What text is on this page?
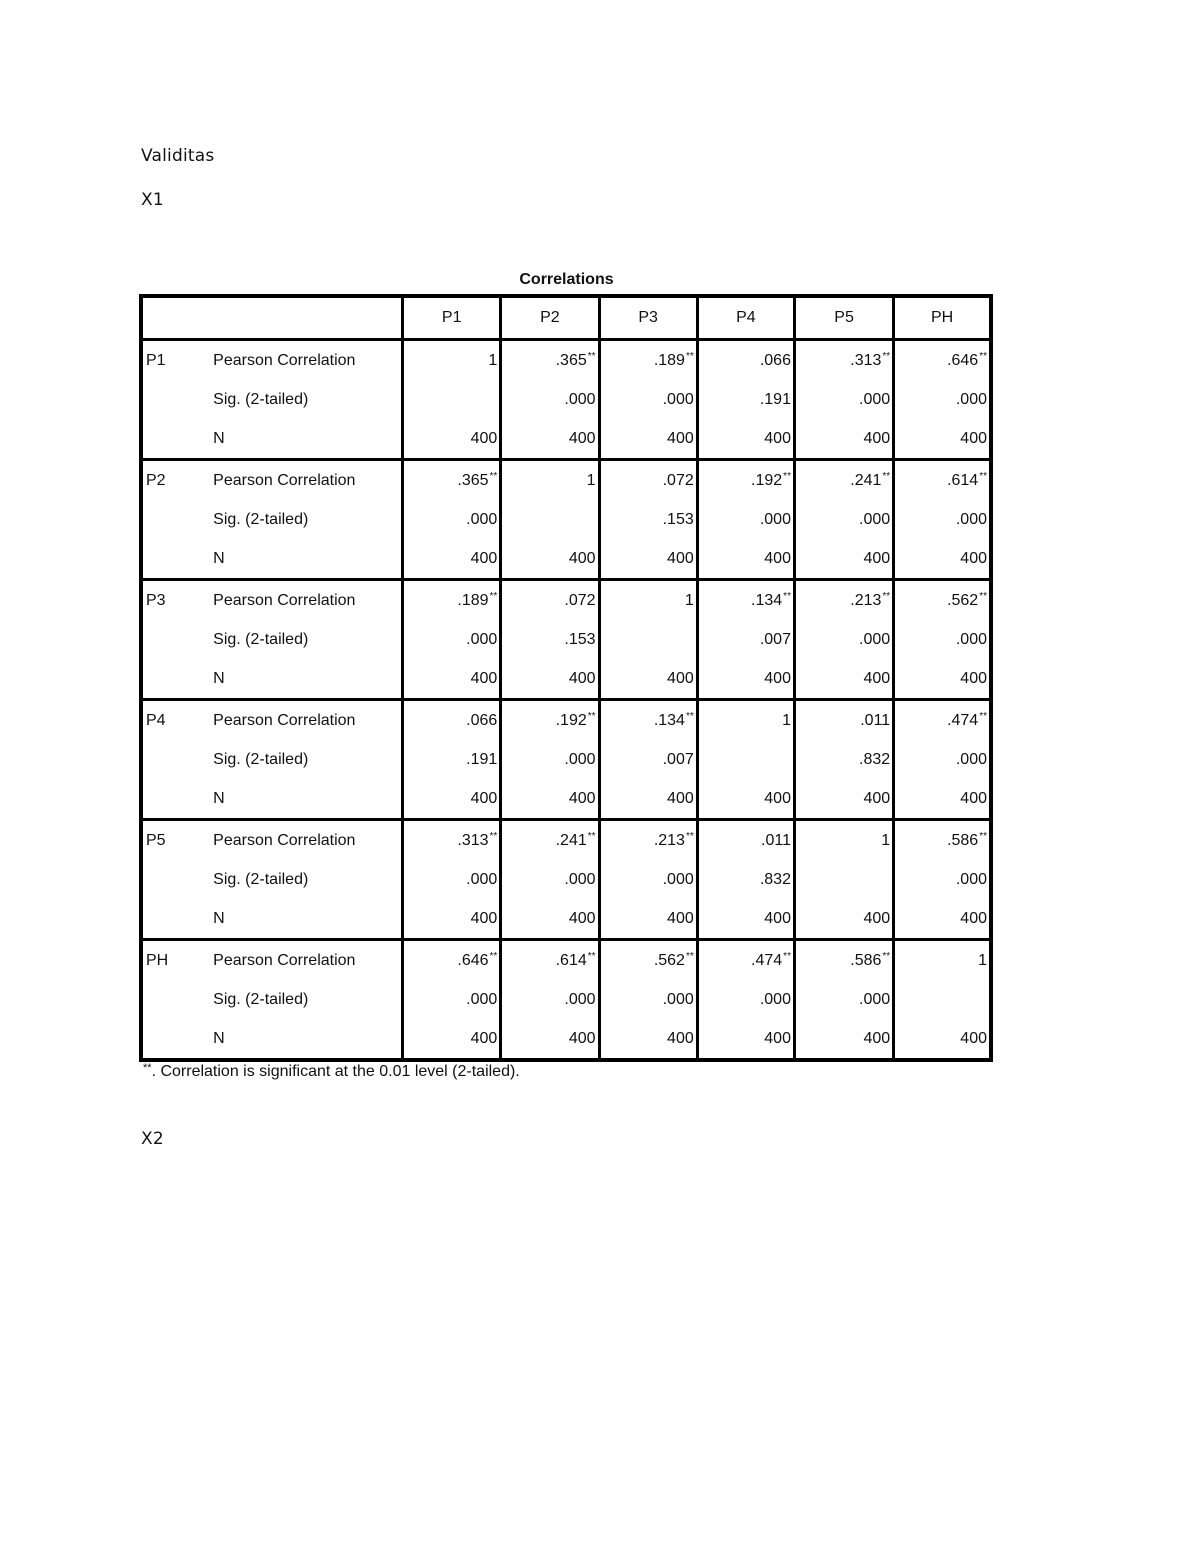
Validitas
X1
Correlations
		P1	P2	P3	P4	P5	PH
P1	Pearson Correlation	1	.365**	.189**	.066	.313**	.646**
	Sig. (2-tailed)		.000	.000	.191	.000	.000
	N	400	400	400	400	400	400
P2	Pearson Correlation	.365**	1	.072	.192**	.241**	.614**
	Sig. (2-tailed)	.000		.153	.000	.000	.000
	N	400	400	400	400	400	400
P3	Pearson Correlation	.189**	.072	1	.134**	.213**	.562**
	Sig. (2-tailed)	.000	.153		.007	.000	.000
	N	400	400	400	400	400	400
P4	Pearson Correlation	.066	.192**	.134**	1	.011	.474**
	Sig. (2-tailed)	.191	.000	.007		.832	.000
	N	400	400	400	400	400	400
P5	Pearson Correlation	.313**	.241**	.213**	.011	1	.586**
	Sig. (2-tailed)	.000	.000	.000	.832		.000
	N	400	400	400	400	400	400
PH	Pearson Correlation	.646**	.614**	.562**	.474**	.586**	1
	Sig. (2-tailed)	.000	.000	.000	.000	.000	
	N	400	400	400	400	400	400
**. Correlation is significant at the 0.01 level (2-tailed).
X2
